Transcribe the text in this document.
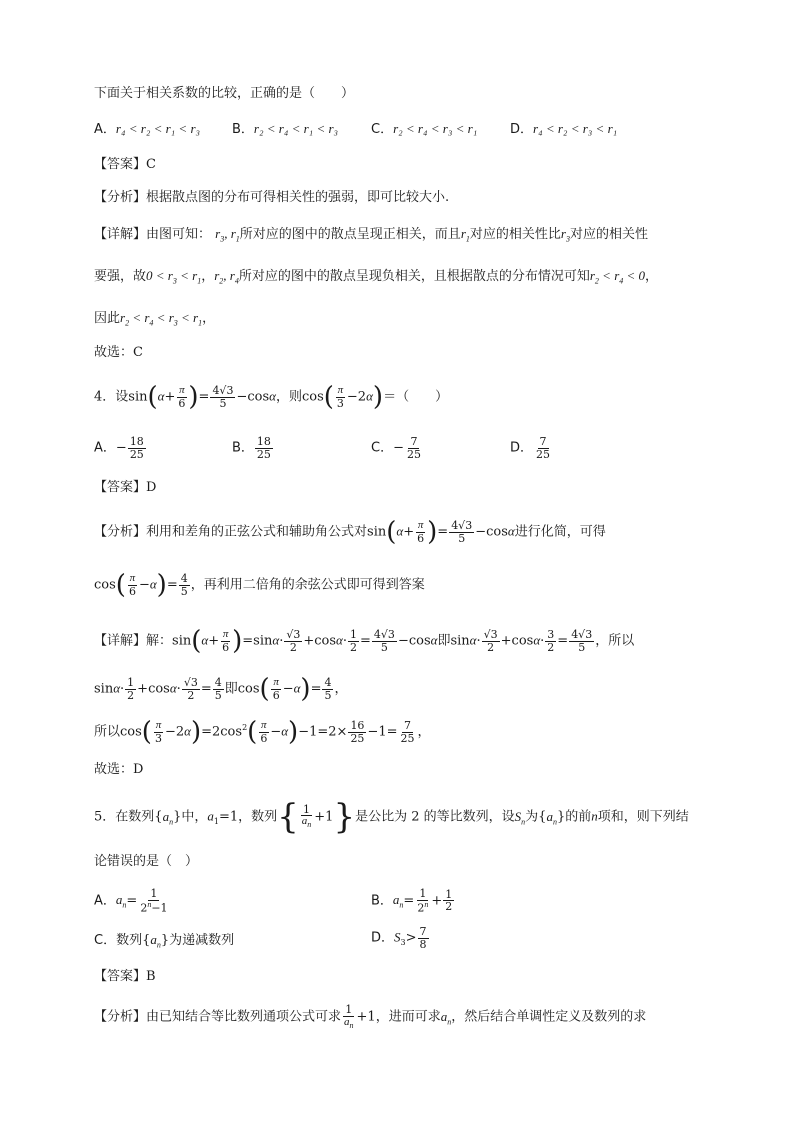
下面关于相关系数的比较，正确的是（　　）
A．r₄ < r₂ < r₁ < r₃ B．r₂ < r₄ < r₁ < r₃	C．r₂ < r₄ < r₃ < r₁	D．r₄ < r₂ < r₃ < r₁
【答案】C
【分析】根据散点图的分布可得相关性的强弱，即可比较大小.
【详解】由图可知： $r_3$, $r_1$所对应的图中的散点呈现正相关，而且$r_1$对应的相关性比$r_3$对应的相关性
要强，故$0 < r_3 < r_1$，$r_2$, $r_4$所对应的图中的散点呈现负相关，且根据散点的分布情况可知$r_2 < r_4 < 0$，
因此$r_2 < r_4 < r_3 < r_1$，
故选：C
4．设$\sin(\alpha+ \frac{\pi}{6}$ )= $\frac{4√3}{5} -\cos\alpha$，则$\cos( \frac{\pi}{3} -2\alpha)=$（　　）
A．− $\frac{18}{25}$	B． $\frac{18}{25}$	C．− $\frac{7}{25}$	D． $\frac{7}{25}$
【答案】D
【分析】利用和差角的正弦公式和辅助角公式对$\sin(\alpha+ \frac{\pi}{6}$ )= $\frac{4√3}{5} -\cos\alpha$进行化简，可得
$\cos( \frac{\pi}{6} -\alpha)= \frac{4}{5}$ ，再利用二倍角的余弦公式即可得到答案
【详解】解：$\sin(\alpha+ \frac{\pi}{6} )=\sin\alpha\cdot \frac{√3}{2} +\cos\alpha\cdot \frac{1}{2} = \frac{4√3}{5} -\cos\alpha$即$\sin\alpha\cdot \frac{√3}{2} +\cos\alpha\cdot \frac{3}{2} = \frac{4√3}{5}$ ，所以
$\sin\alpha\cdot \frac{1}{2} +\cos\alpha\cdot \frac{√3}{2} = \frac{4}{5}$ 即$\cos( \frac{\pi}{6} -\alpha)= \frac{4}{5}$ ，
所以$\cos( \frac{\pi}{3} -2\alpha)=2\cos^2( \frac{\pi}{6} -\alpha)-1=2\times \frac{16}{25} -1= \frac{7}{25}$ ，
故选：D
5．在数列$\{a_n\}$中，$a_1=1$，数列{ $\frac{1}{a_n} +1$}是公比为 2 的等比数列，设$S_n$为$\{a_n\}$的前n项和，则下列结
论错误的是（　）
A．$a_n= \frac{1}{2^n-1}$	B．$a_n= \frac{1}{2^n} + \frac{1}{2}$
C．数列$\{a_n\}$为递减数列	D．$S_3> \frac{7}{8}$
【答案】B
【分析】由已知结合等比数列通项公式可求 $\frac{1}{a_n} +1$，进而可求$a_n$，然后结合单调性定义及数列的求
